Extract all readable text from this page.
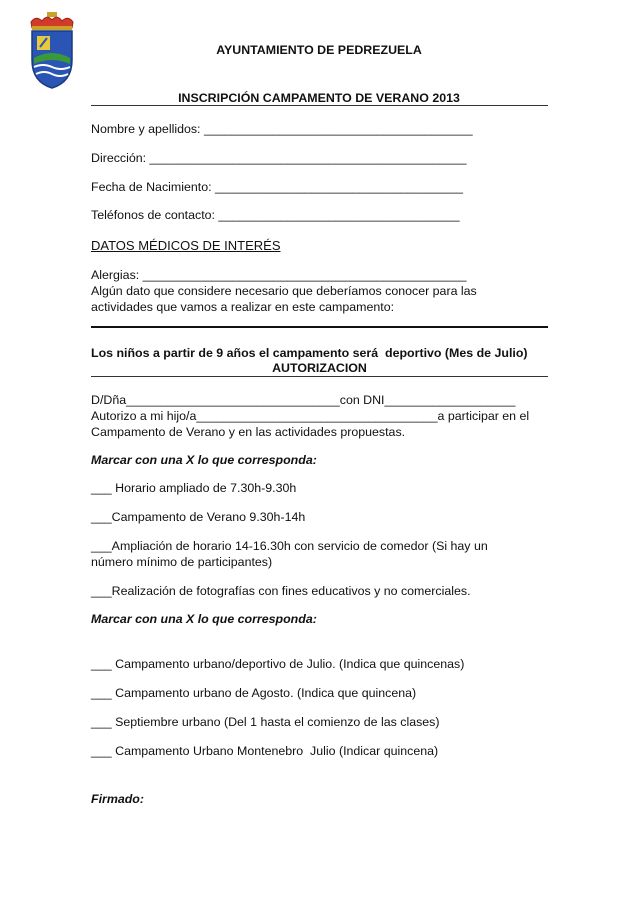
AYUNTAMIENTO DE PEDREZUELA
INSCRIPCIÓN CAMPAMENTO DE VERANO 2013
Nombre y apellidos: _______________________________________
Dirección: ______________________________________________
Fecha de Nacimiento: ____________________________________
Teléfonos de contacto: ___________________________________
DATOS MÉDICOS DE INTERÉS
Alergias: _______________________________________________
Algún dato que considere necesario que deberíamos conocer para las
actividades que vamos a realizar en este campamento:
Los niños a partir de 9 años el campamento será  deportivo (Mes de Julio)
AUTORIZACION
D/Dña_______________________________con DNI___________________
Autorizo a mi hijo/a___________________________________a participar en el
Campamento de Verano y en las actividades propuestas.
Marcar con una X lo que corresponda:
___ Horario ampliado de 7.30h-9.30h
___Campamento de Verano 9.30h-14h
___Ampliación de horario 14-16.30h con servicio de comedor (Si hay un
número mínimo de participantes)
___Realización de fotografías con fines educativos y no comerciales.
Marcar con una X lo que corresponda:
___ Campamento urbano/deportivo de Julio. (Indica que quincenas)
___ Campamento urbano de Agosto. (Indica que quincena)
___ Septiembre urbano (Del 1 hasta el comienzo de las clases)
___ Campamento Urbano Montenebro  Julio (Indicar quincena)
Firmado:
